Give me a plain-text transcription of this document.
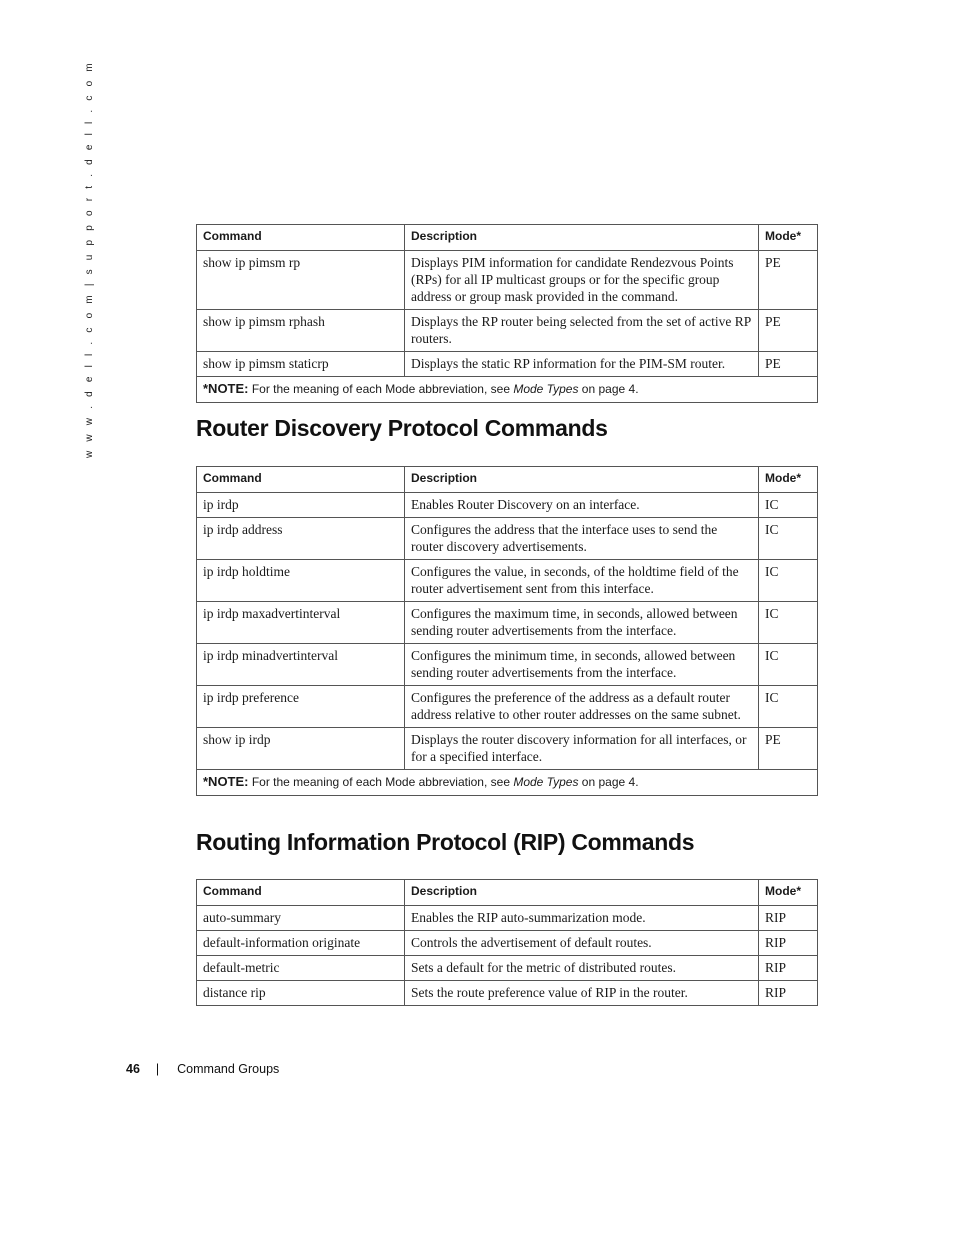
w w w . d e l l . c o m | s u p p o r t . d e l l . c o m	Command	Description	Mode*
show ip pimsm rp	Displays PIM information for candidate Rendezvous Points (RPs) for all IP multicast groups or for the specific group address or group mask provided in the command.	PE
show ip pimsm rphash	Displays the RP router being selected from the set of active RP routers.	PE
show ip pimsm staticrp	Displays the static RP information for the PIM-SM router.	PE
*NOTE: For the meaning of each Mode abbreviation, see Mode Types on page 4.		
Router Discovery Protocol Commands
Command	Description	Mode*
ip irdp	Enables Router Discovery on an interface.	IC
ip irdp address	Configures the address that the interface uses to send the router discovery advertisements.	IC
ip irdp holdtime	Configures the value, in seconds, of the holdtime field of the router advertisement sent from this interface.	IC
ip irdp maxadvertinterval	Configures the maximum time, in seconds, allowed between sending router advertisements from the interface.	IC
ip irdp minadvertinterval	Configures the minimum time, in seconds, allowed between sending router advertisements from the interface.	IC
ip irdp preference	Configures the preference of the address as a default router address relative to other router addresses on the same subnet.	IC
show ip irdp	Displays the router discovery information for all interfaces, or for a specified interface.	PE
*NOTE: For the meaning of each Mode abbreviation, see Mode Types on page 4.		
Routing Information Protocol (RIP) Commands
Command	Description	Mode*
auto-summary	Enables the RIP auto-summarization mode.	RIP
default-information originate	Controls the advertisement of default routes.	RIP
default-metric	Sets a default for the metric of distributed routes.	RIP
distance rip	Sets the route preference value of RIP in the router.	RIP
46 | Command Groups
